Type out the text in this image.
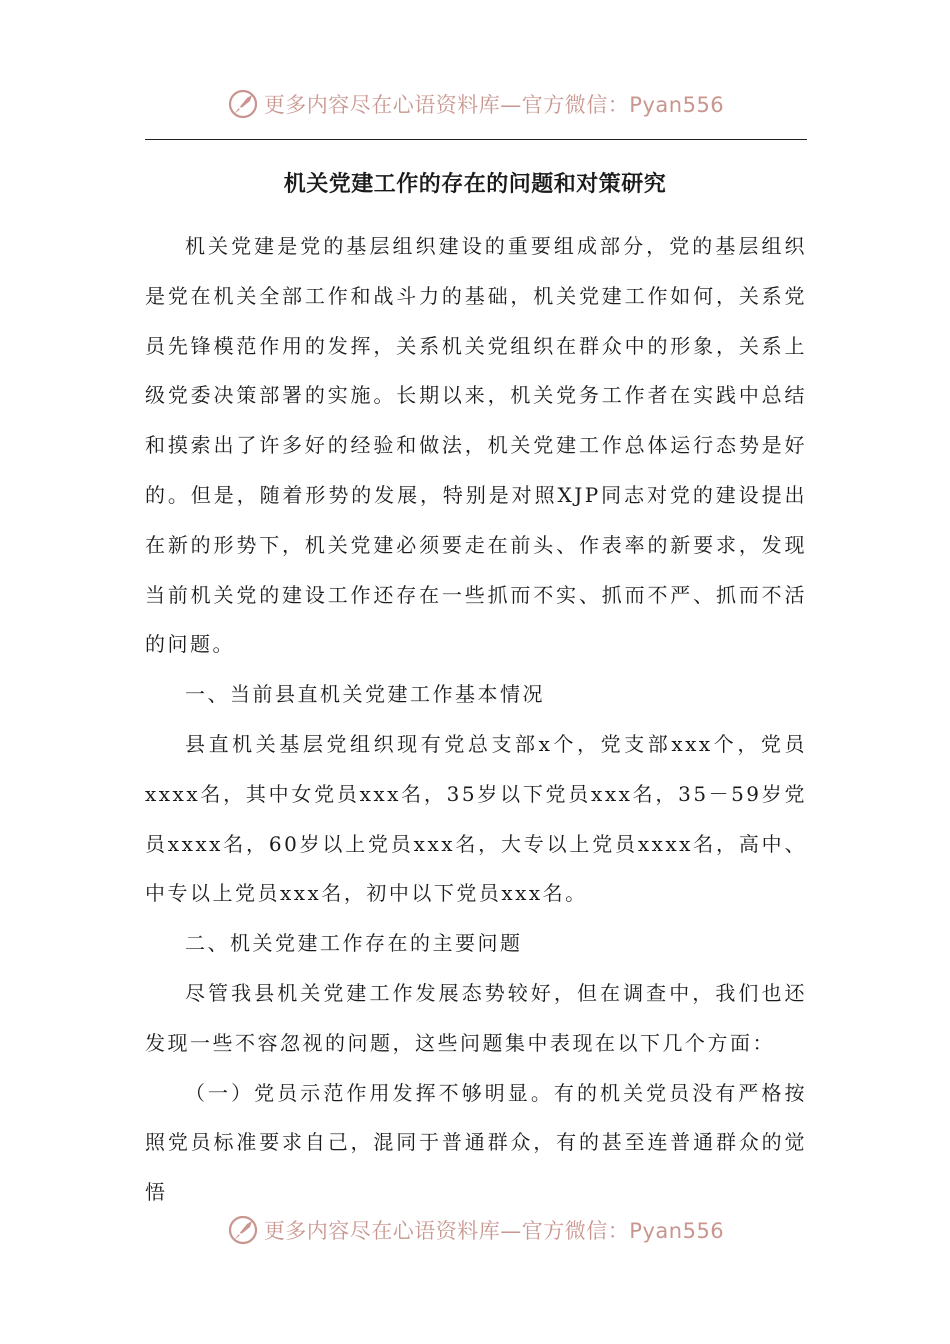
更多内容尽在心语资料库—官方微信：Pyan556
机关党建工作的存在的问题和对策研究

机关党建是党的基层组织建设的重要组成部分，党的基层组织是党在机关全部工作和战斗力的基础，机关党建工作如何，关系党员先锋模范作用的发挥，关系机关党组织在群众中的形象，关系上级党委决策部署的实施。长期以来，机关党务工作者在实践中总结和摸索出了许多好的经验和做法，机关党建工作总体运行态势是好的。但是，随着形势的发展，特别是对照XJP同志对党的建设提出在新的形势下，机关党建必须要走在前头、作表率的新要求，发现当前机关党的建设工作还存在一些抓而不实、抓而不严、抓而不活的问题。

一、当前县直机关党建工作基本情况

县直机关基层党组织现有党总支部x个，党支部xxx个，党员xxxx名，其中女党员xxx名，35岁以下党员xxx名，35－59岁党员xxxx名，60岁以上党员xxx名，大专以上党员xxxx名，高中、中专以上党员xxx名，初中以下党员xxx名。

二、机关党建工作存在的主要问题

尽管我县机关党建工作发展态势较好，但在调查中，我们也还发现一些不容忽视的问题，这些问题集中表现在以下几个方面：

（一）党员示范作用发挥不够明显。有的机关党员没有严格按照党员标准要求自己，混同于普通群众，有的甚至连普通群众的觉悟

更多内容尽在心语资料库—官方微信：Pyan556
